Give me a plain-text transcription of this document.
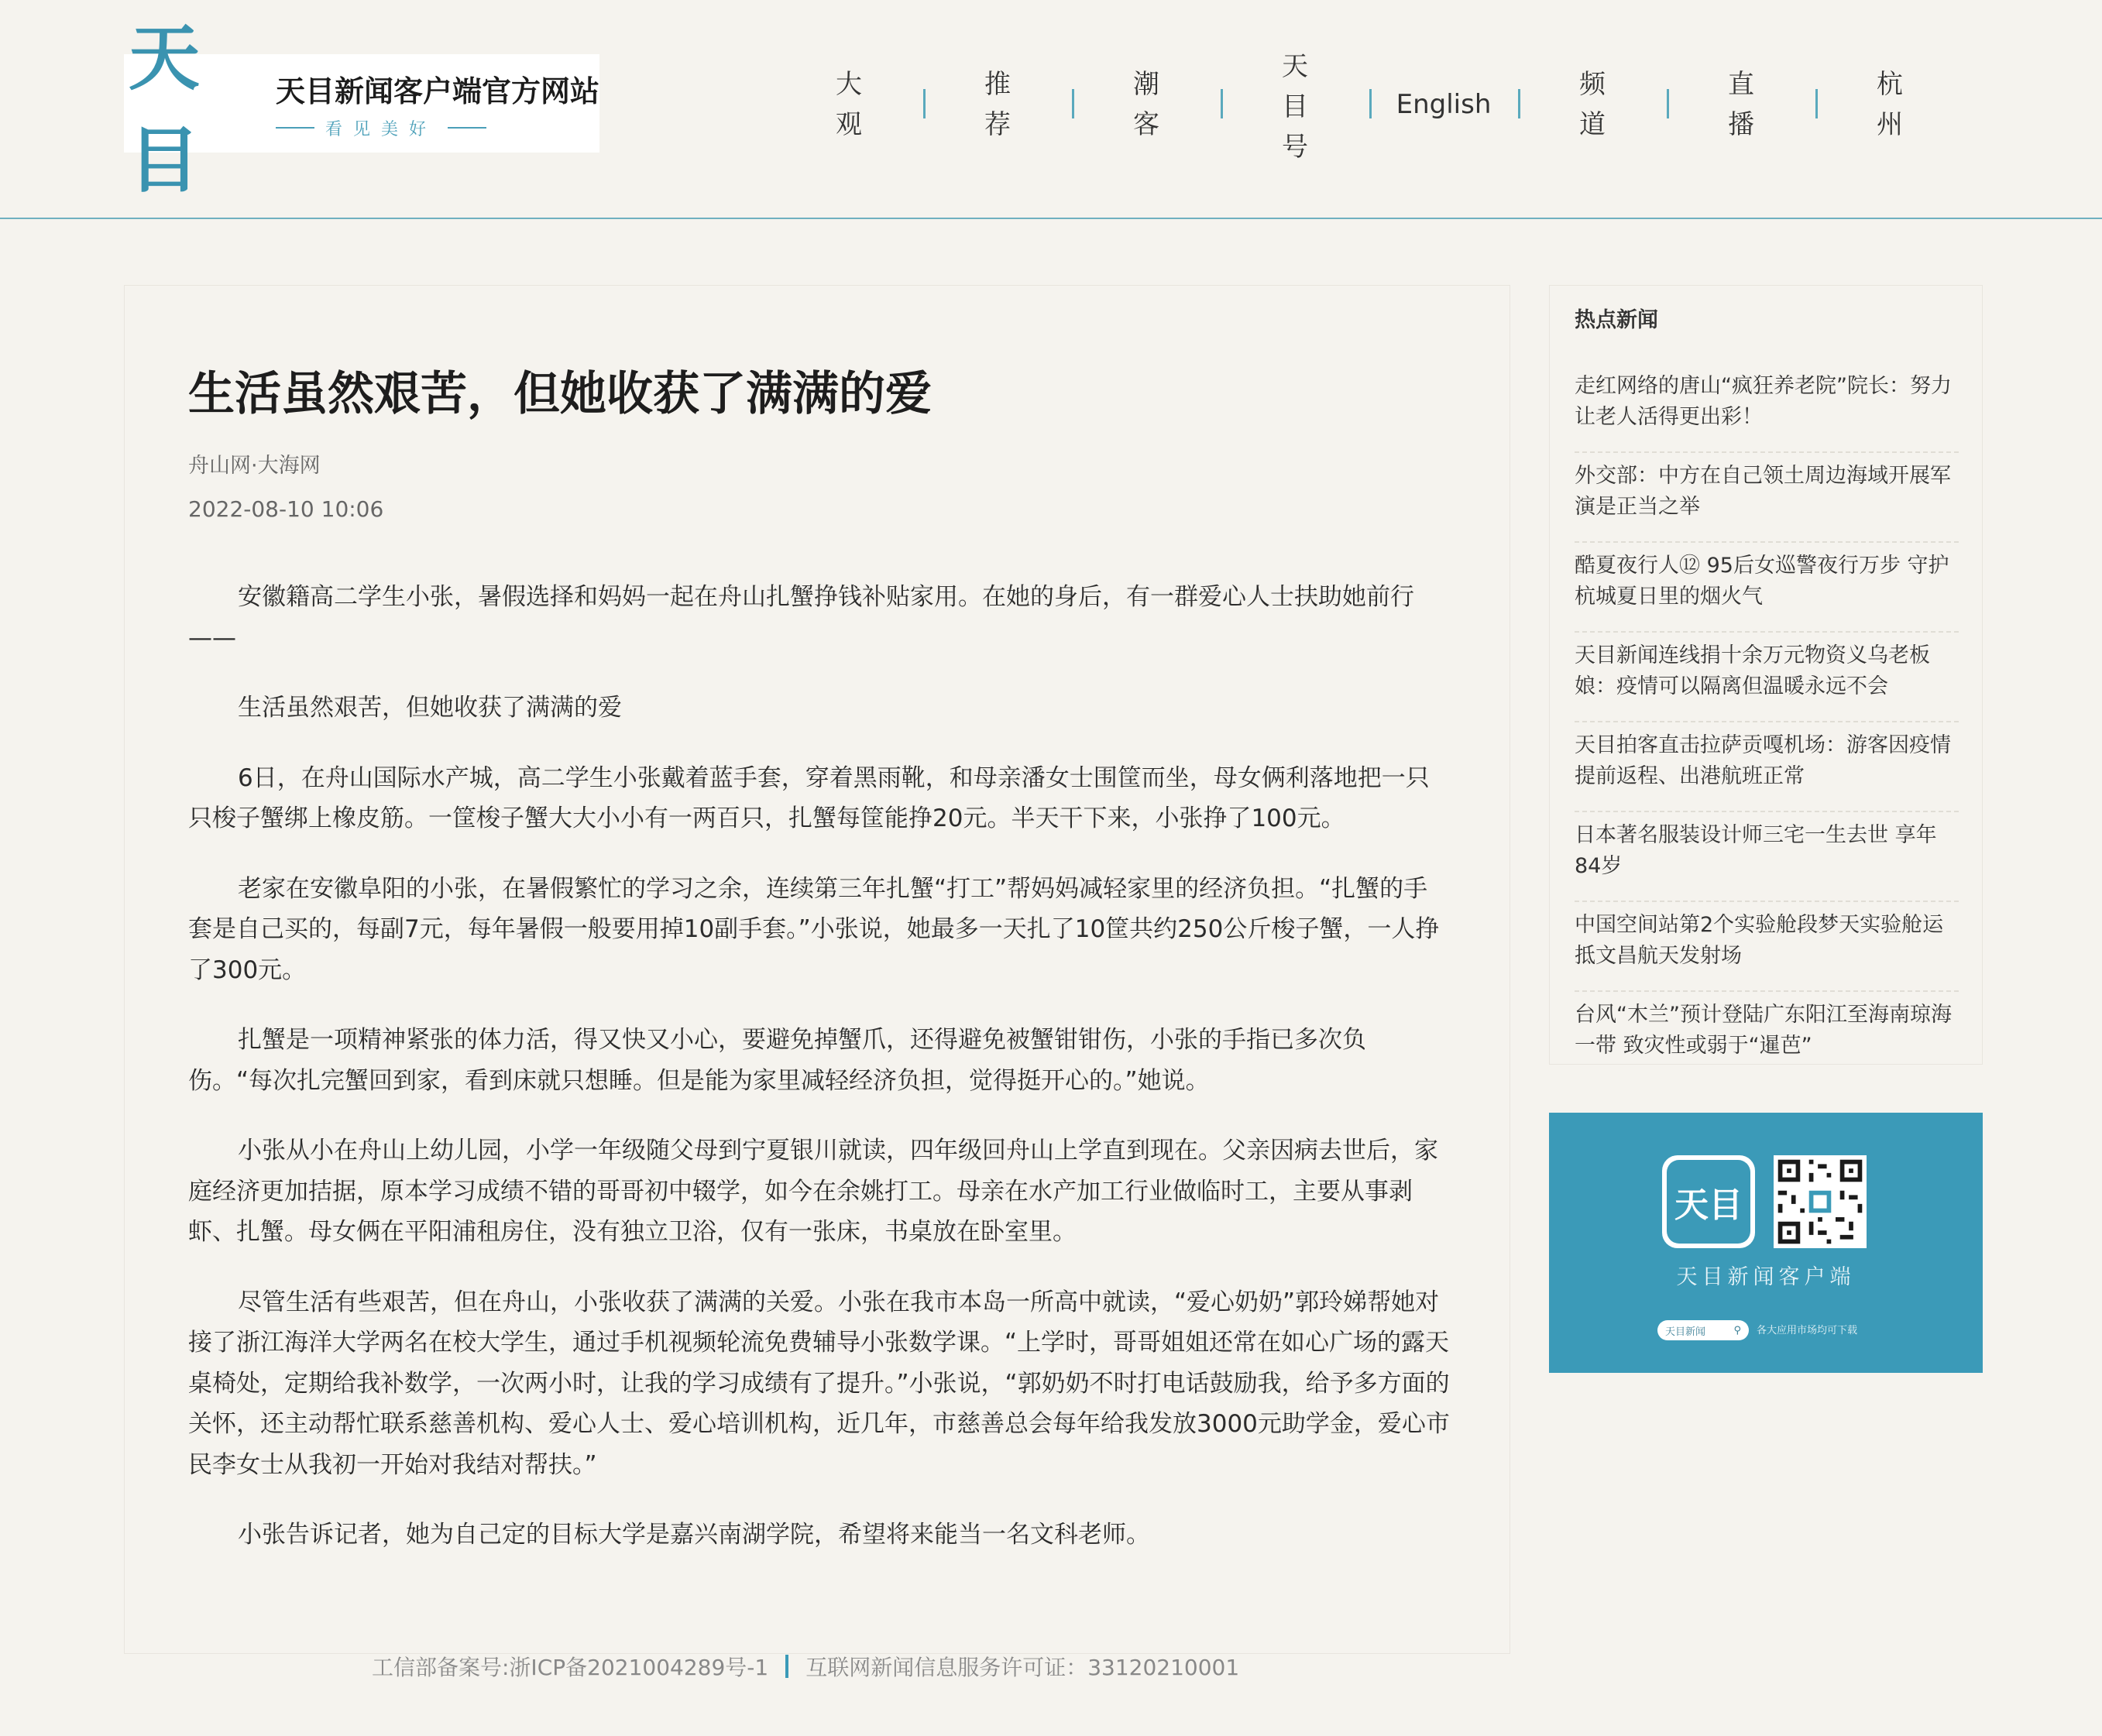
天目
天目新闻客户端官方网站
看见美好
大观
推荐
潮客
天目号
English
频道
直播
杭州
生活虽然艰苦，但她收获了满满的爱
舟山网·大海网
2022-08-10 10:06

安徽籍高二学生小张，暑假选择和妈妈一起在舟山扎蟹挣钱补贴家用。在她的身后，有一群爱心人士扶助她前行——

生活虽然艰苦，但她收获了满满的爱

6日，在舟山国际水产城，高二学生小张戴着蓝手套，穿着黑雨靴，和母亲潘女士围筐而坐，母女俩利落地把一只只梭子蟹绑上橡皮筋。一筐梭子蟹大大小小有一两百只，扎蟹每筐能挣20元。半天干下来，小张挣了100元。

老家在安徽阜阳的小张，在暑假繁忙的学习之余，连续第三年扎蟹“打工”帮妈妈减轻家里的经济负担。“扎蟹的手套是自己买的，每副7元，每年暑假一般要用掉10副手套。”小张说，她最多一天扎了10筐共约250公斤梭子蟹，一人挣了300元。

扎蟹是一项精神紧张的体力活，得又快又小心，要避免掉蟹爪，还得避免被蟹钳钳伤，小张的手指已多次负伤。“每次扎完蟹回到家，看到床就只想睡。但是能为家里减轻经济负担，觉得挺开心的。”她说。

小张从小在舟山上幼儿园，小学一年级随父母到宁夏银川就读，四年级回舟山上学直到现在。父亲因病去世后，家庭经济更加拮据，原本学习成绩不错的哥哥初中辍学，如今在余姚打工。母亲在水产加工行业做临时工，主要从事剥虾、扎蟹。母女俩在平阳浦租房住，没有独立卫浴，仅有一张床，书桌放在卧室里。

尽管生活有些艰苦，但在舟山，小张收获了满满的关爱。小张在我市本岛一所高中就读，“爱心奶奶”郭玲娣帮她对接了浙江海洋大学两名在校大学生，通过手机视频轮流免费辅导小张数学课。“上学时，哥哥姐姐还常在如心广场的露天桌椅处，定期给我补数学，一次两小时，让我的学习成绩有了提升。”小张说，“郭奶奶不时打电话鼓励我，给予多方面的关怀，还主动帮忙联系慈善机构、爱心人士、爱心培训机构，近几年，市慈善总会每年给我发放3000元助学金，爱心市民李女士从我初一开始对我结对帮扶。”

小张告诉记者，她为自己定的目标大学是嘉兴南湖学院，希望将来能当一名文科老师。

热点新闻
走红网络的唐山“疯狂养老院”院长：努力让老人活得更出彩！
外交部：中方在自己领土周边海域开展军演是正当之举
酷夏夜行人⑫ 95后女巡警夜行万步 守护杭城夏日里的烟火气
天目新闻连线捐十余万元物资义乌老板娘：疫情可以隔离但温暖永远不会
天目拍客直击拉萨贡嘎机场：游客因疫情提前返程、出港航班正常
日本著名服装设计师三宅一生去世 享年84岁
中国空间站第2个实验舱段梦天实验舱运抵文昌航天发射场
台风“木兰”预计登陆广东阳江至海南琼海一带 致灾性或弱于“暹芭”
天目
天目新闻客户端
天目新闻	⚲ 各大应用市场均可下载
工信部备案号:浙ICP备2021004289号-1 互联网新闻信息服务许可证：33120210001
